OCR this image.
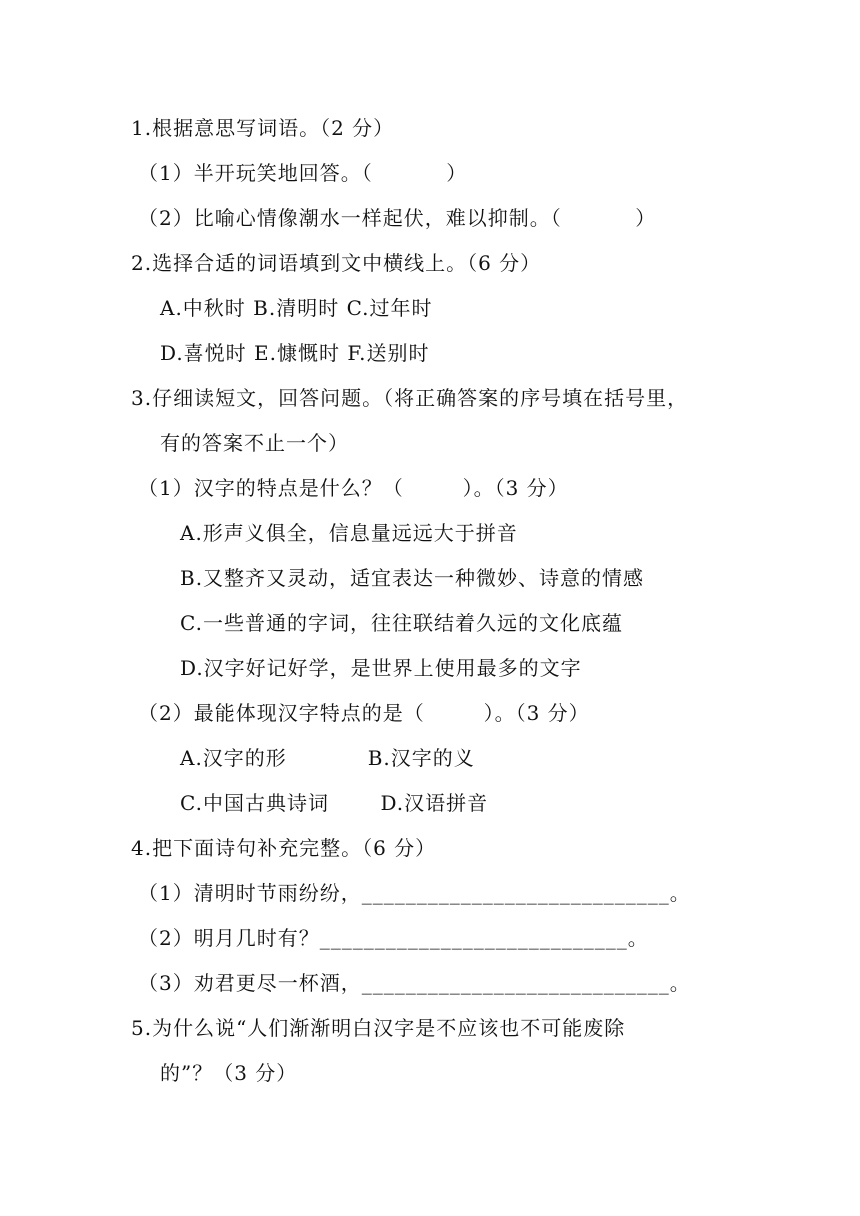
1.根据意思写词语。（2 分）
（1）半开玩笑地回答。（          ）
（2）比喻心情像潮水一样起伏，难以抑制。（          ）
2.选择合适的词语填到文中横线上。（6 分）
A.中秋时 B.清明时 C.过年时
D.喜悦时 E.慷慨时 F.送别时
3.仔细读短文，回答问题。（将正确答案的序号填在括号里，
有的答案不止一个）
（1）汉字的特点是什么？（        ）。（3 分）
A.形声义俱全，信息量远远大于拼音
B.又整齐又灵动，适宜表达一种微妙、诗意的情感
C.一些普通的字词，往往联结着久远的文化底蕴
D.汉字好记好学，是世界上使用最多的文字
（2）最能体现汉字特点的是（        ）。（3 分）
A.汉字的形           B.汉字的义
C.中国古典诗词       D.汉语拼音
4.把下面诗句补充完整。（6 分）
（1）清明时节雨纷纷，____________________________。
（2）明月几时有？____________________________。
（3）劝君更尽一杯酒，____________________________。
5.为什么说“人们渐渐明白汉字是不应该也不可能废除
的”？（3 分）
